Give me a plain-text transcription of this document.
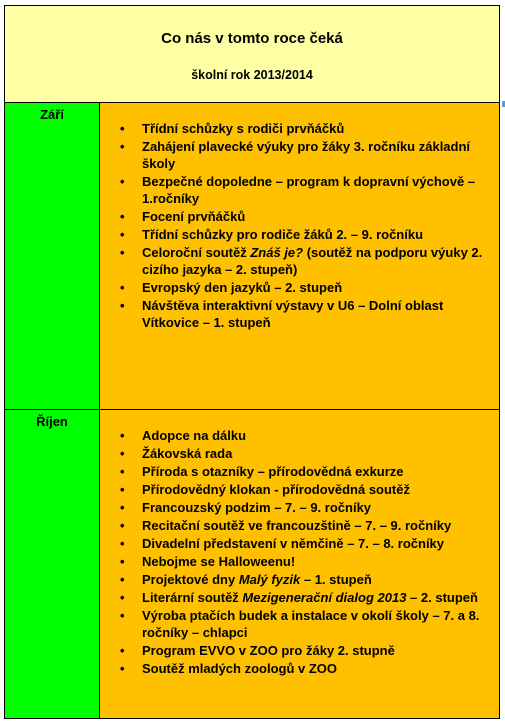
Co nás v tomto roce čeká
školní rok 2013/2014
Září
• Třídní schůzky s rodiči prvňáčků
• Zahájení plavecké výuky pro žáky 3. ročníku základní školy
• Bezpečné dopoledne – program k dopravní výchově – 1.ročníky
• Focení prvňáčků
• Třídní schůzky pro rodiče žáků 2. – 9. ročníku
• Celoroční soutěž Znáš je? (soutěž na podporu výuky 2. cizího jazyka – 2. stupeň)
• Evropský den jazyků – 2. stupeň
• Návštěva interaktivní výstavy v U6 – Dolní oblast Vítkovice – 1. stupeň
Říjen
• Adopce na dálku
• Žákovská rada
• Příroda s otazníky – přírodovědná exkurze
• Přírodovědný klokan - přírodovědná soutěž
• Francouzský podzim – 7. – 9. ročníky
• Recitační soutěž ve francouzštině – 7. – 9. ročníky
• Divadelní představení v němčině – 7. – 8. ročníky
• Nebojme se Halloweenu!
• Projektové dny Malý fyzik – 1. stupeň
• Literární soutěž Mezigenerační dialog 2013 – 2. stupeň
• Výroba ptačích budek a instalace v okolí školy – 7. a 8. ročníky – chlapci
• Program EVVO v ZOO pro žáky 2. stupně
• Soutěž mladých zoologů v ZOO
